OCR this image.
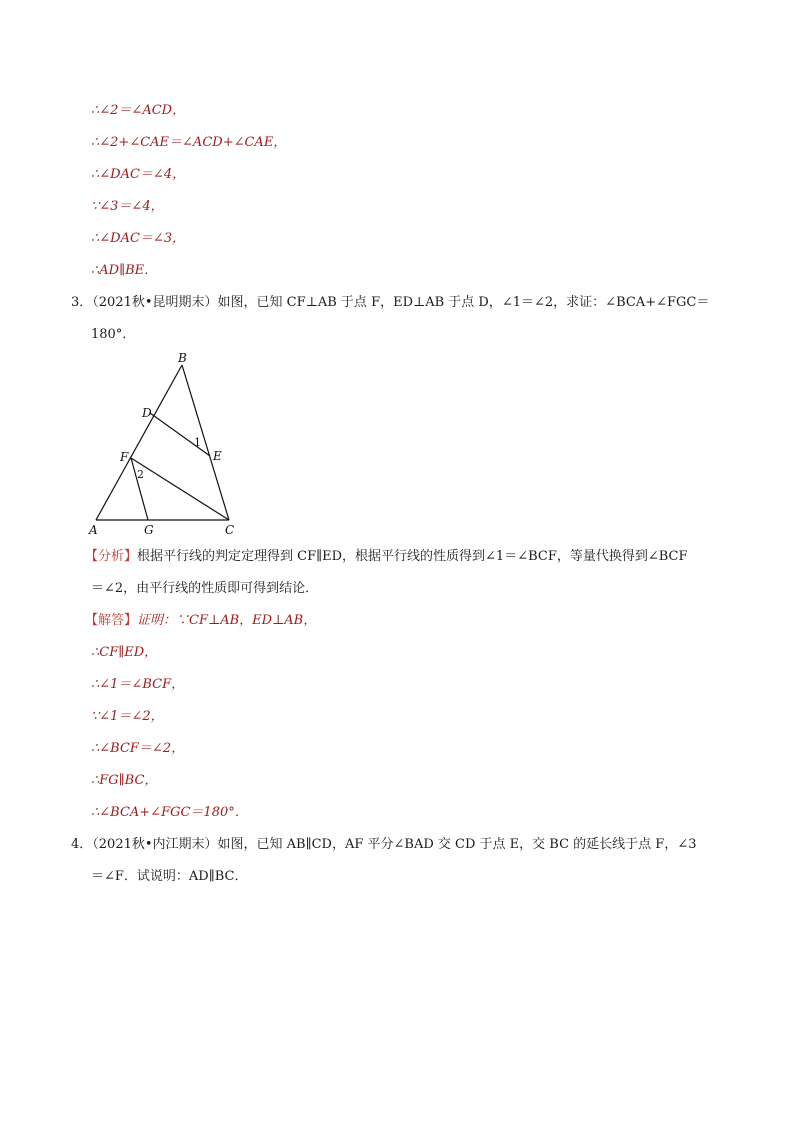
∴∠2＝∠ACD，
∴∠2+∠CAE＝∠ACD+∠CAE，
∴∠DAC＝∠4，
∵∠3＝∠4，
∴∠DAC＝∠3，
∴AD∥BE．
3．（2021秋•昆明期末）如图，已知 CF⊥AB 于点 F，ED⊥AB 于点 D，∠1＝∠2，求证：∠BCA+∠FGC＝
180°．
B
D
E
F
A	G	C
1
2
【分析】根据平行线的判定定理得到 CF∥ED，根据平行线的性质得到∠1＝∠BCF，等量代换得到∠BCF
＝∠2，由平行线的性质即可得到结论．
【解答】证明：∵CF⊥AB，ED⊥AB，
∴CF∥ED，
∴∠1＝∠BCF，
∵∠1＝∠2，
∴∠BCF＝∠2，
∴FG∥BC，
∴∠BCA+∠FGC＝180°．
4．（2021秋•内江期末）如图，已知 AB∥CD，AF 平分∠BAD 交 CD 于点 E，交 BC 的延长线于点 F，∠3
＝∠F．试说明：AD∥BC．
